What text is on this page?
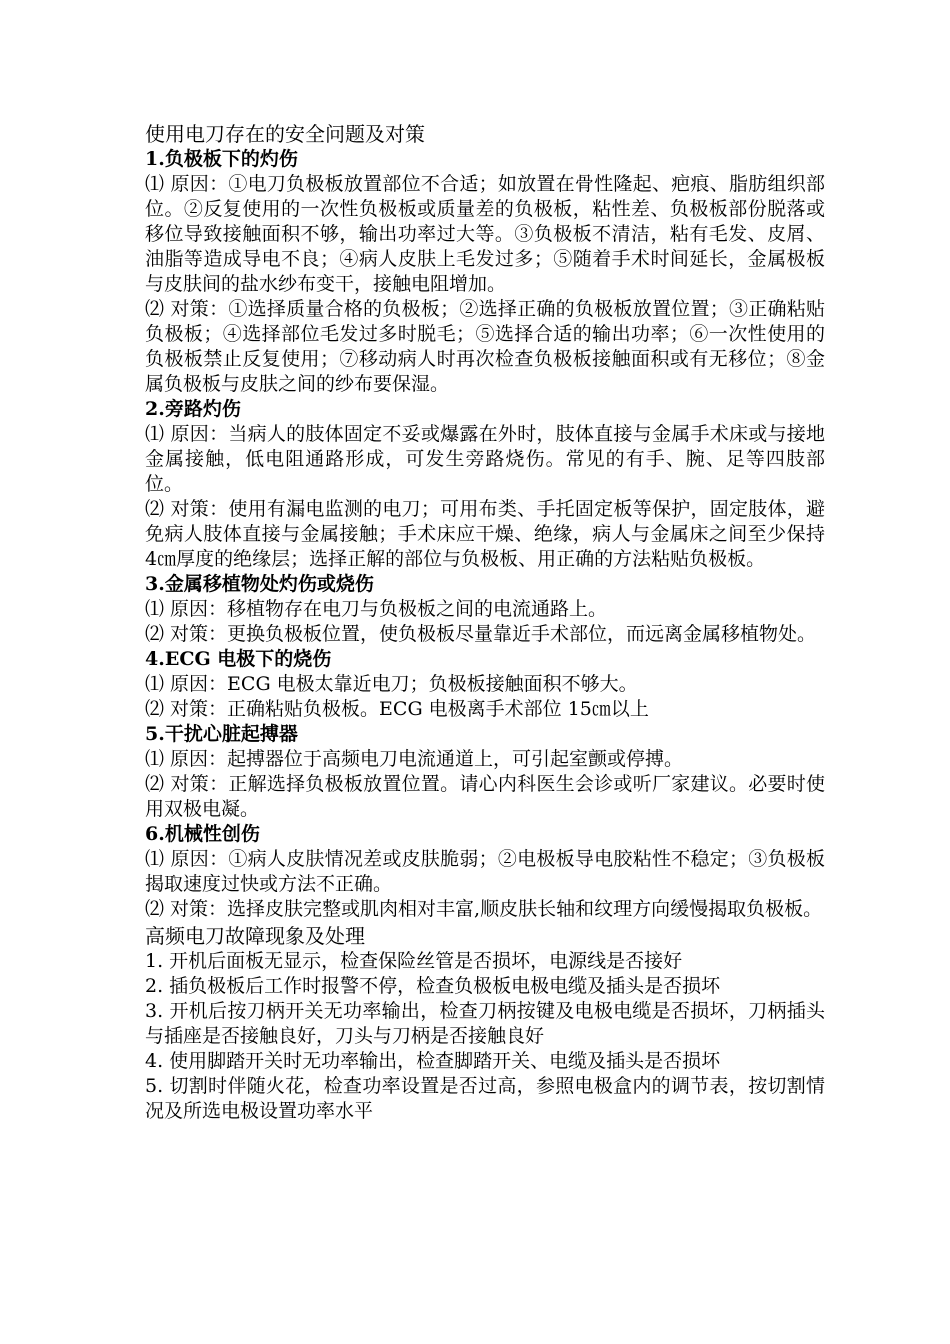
使用电刀存在的安全问题及对策
1.负极板下的灼伤
⑴ 原因：①电刀负极板放置部位不合适；如放置在骨性隆起、疤痕、脂肪组织部位。②反复使用的一次性负极板或质量差的负极板，粘性差、负极板部份脱落或移位导致接触面积不够，输出功率过大等。③负极板不清洁，粘有毛发、皮屑、油脂等造成导电不良；④病人皮肤上毛发过多；⑤随着手术时间延长，金属极板与皮肤间的盐水纱布变干，接触电阻增加。
⑵ 对策：①选择质量合格的负极板；②选择正确的负极板放置位置；③正确粘贴负极板；④选择部位毛发过多时脱毛；⑤选择合适的输出功率；⑥一次性使用的负极板禁止反复使用；⑦移动病人时再次检查负极板接触面积或有无移位；⑧金属负极板与皮肤之间的纱布要保湿。
2.旁路灼伤
⑴ 原因：当病人的肢体固定不妥或爆露在外时，肢体直接与金属手术床或与接地金属接触，低电阻通路形成，可发生旁路烧伤。常见的有手、腕、足等四肢部位。
⑵ 对策：使用有漏电监测的电刀；可用布类、手托固定板等保护，固定肢体，避免病人肢体直接与金属接触；手术床应干燥、绝缘，病人与金属床之间至少保持 4㎝厚度的绝缘层；选择正解的部位与负极板、用正确的方法粘贴负极板。
3.金属移植物处灼伤或烧伤
⑴ 原因：移植物存在电刀与负极板之间的电流通路上。
⑵ 对策：更换负极板位置，使负极板尽量靠近手术部位，而远离金属移植物处。
4.ECG 电极下的烧伤
⑴ 原因：ECG 电极太靠近电刀；负极板接触面积不够大。
⑵ 对策：正确粘贴负极板。ECG 电极离手术部位 15㎝以上
5.干扰心脏起搏器
⑴ 原因：起搏器位于高频电刀电流通道上，可引起室颤或停搏。
⑵ 对策：正解选择负极板放置位置。请心内科医生会诊或听厂家建议。必要时使用双极电凝。
6.机械性创伤
⑴ 原因：①病人皮肤情况差或皮肤脆弱；②电极板导电胶粘性不稳定；③负极板揭取速度过快或方法不正确。
⑵ 对策：选择皮肤完整或肌肉相对丰富,顺皮肤长轴和纹理方向缓慢揭取负极板。
高频电刀故障现象及处理
1. 开机后面板无显示，检查保险丝管是否损坏，电源线是否接好
2. 插负极板后工作时报警不停，检查负极板电极电缆及插头是否损坏
3. 开机后按刀柄开关无功率输出，检查刀柄按键及电极电缆是否损坏，刀柄插头与插座是否接触良好，刀头与刀柄是否接触良好
4. 使用脚踏开关时无功率输出，检查脚踏开关、电缆及插头是否损坏
5. 切割时伴随火花，检查功率设置是否过高，参照电极盒内的调节表，按切割情况及所选电极设置功率水平
